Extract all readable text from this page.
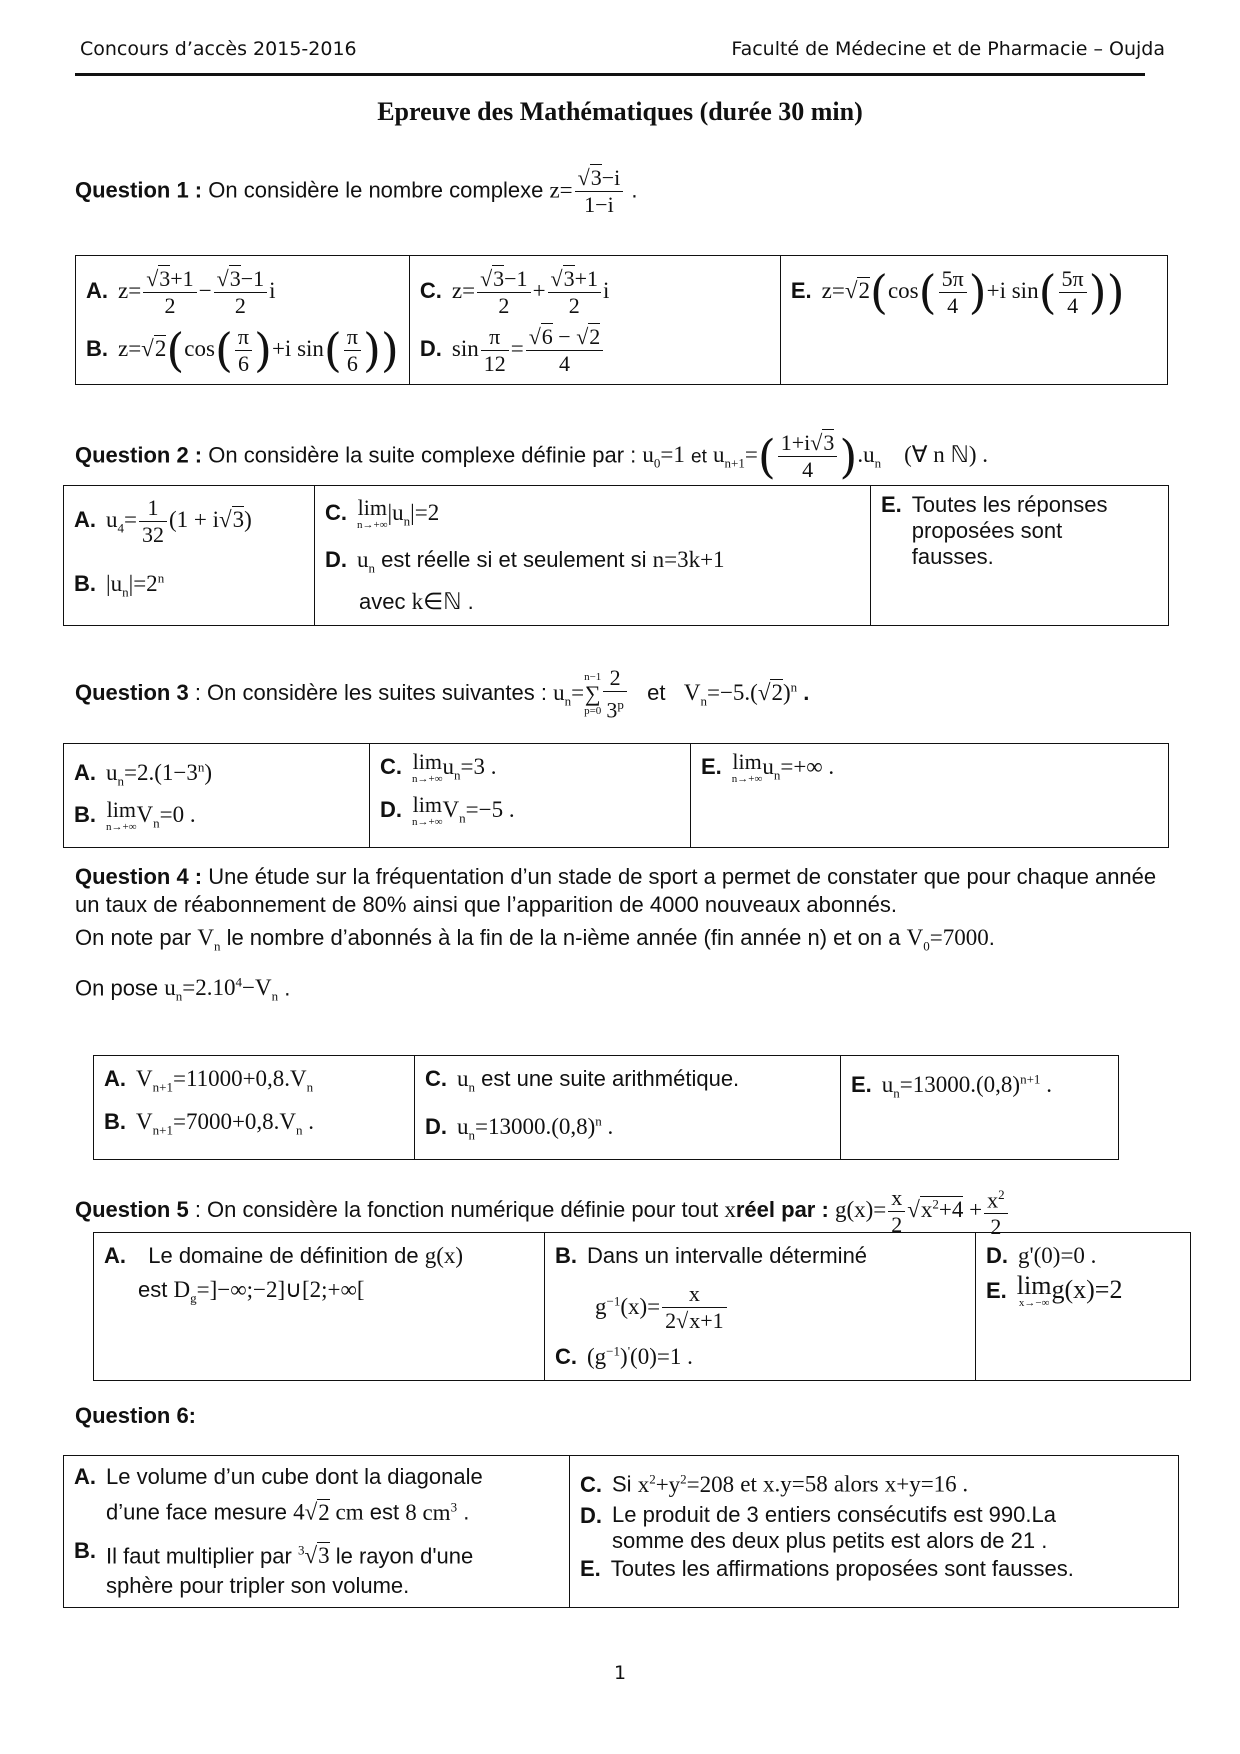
Concours d’accès 2015-2016	Faculté de Médecine et de Pharmacie – Oujda
Epreuve des Mathématiques (durée 30 min)
Question 1 : On considère le nombre complexe $z= \frac{√3-i}{1-i}$ .
A. $z= \frac{√3+1}{2} - \frac{√3-1}{2}$ i
B. $z=√2(\cos( \frac{\pi}{6} )+i$ $\sin( \frac{\pi}{6}$ ))

C. $z= \frac{√3-1}{2} + \frac{√3+1}{2}$ i
D. $\sin \frac{\pi}{12} = \frac{√6 - √2}{4}$

E. $z=√2(\cos( \frac{5\pi}{4} )+i$ $\sin( \frac{5\pi}{4}$ ))
Question 2 : On considère la suite complexe définie par : $u_0=1$ et $u_{n+1}=( \frac{1+i√3}{4} ).u_n$    (∀ n ℕ) .
A. $u_4= \frac{1}{32} (1 + i√3)$
B. $|u_n|=2^n$

C. lim
n→+∞
$|u_n|=2$
D. $u_n$ est réelle si et seulement si n=3k+1
avec k∈ℕ .

E. Toutes les réponses proposées sont fausses.
Question 3 : On considère les suites suivantes : $u_n=$
n−1
∑
$p=0 \frac{2}{3^p}$ et $V_n=-5.(√2)^n$ .
A. $u_n=2.(1-3^n)$
B. lim
n→+∞
$V_n=0$ .

C. lim
n→+∞
$u_n=3$ .
D. lim
n→+∞
$V_n=-5$ .

E. lim
n→+∞
$u_n=+\infty$ .
Question 4 : Une étude sur la fréquentation d’un stade de sport a permet de constater que pour chaque année un taux de réabonnement de 80% ainsi que l’apparition de 4000 nouveaux abonnés.
On note par $V_n$ le nombre d’abonnés à la fin de la n-ième année (fin année n) et on a $V_0=7000$.
On pose $u_n=2.10^4-V_n$ .
A. $V_{n+1}=11000+0,8.V_n$
B. $V_{n+1}=7000+0,8.V_n$ .

C. $u_n$ est une suite arithmétique.
D. $u_n=13000.(0,8)^n$ .

E. $u_n=13000.(0,8)^{n+1}$ .
Question 5 : On considère la fonction numérique définie pour tout xréel par : $g(x)= \frac{x}{2} √x^2+4 + \frac{x^2}{2}$
A. Le domaine de définition de g(x)
est $D_g=]-\infty;-2]\cup[2;+\infty$[

B. Dans un intervalle déterminé
$g^{-1}(x)= \frac{x}{2√x+1}$
C. $(g^{-1})'(0)=1$ .

D. g'(0)=0 .
E. lim
x→−∞ g(x)=2
Question 6:
A. Le volume d’un cube dont la diagonale
d’une face mesure 4√2 cm est 8 $cm^3$ .
B. Il faut multiplier par $^3$√3 le rayon d'une sphère pour tripler son volume.

C. Si $x^2+y^2=208$ et x.y=58 alors x+y=16 .
D. Le produit de 3 entiers consécutifs est 990.La somme des deux plus petits est alors de 21 .
E. Toutes les affirmations proposées sont fausses.
1
